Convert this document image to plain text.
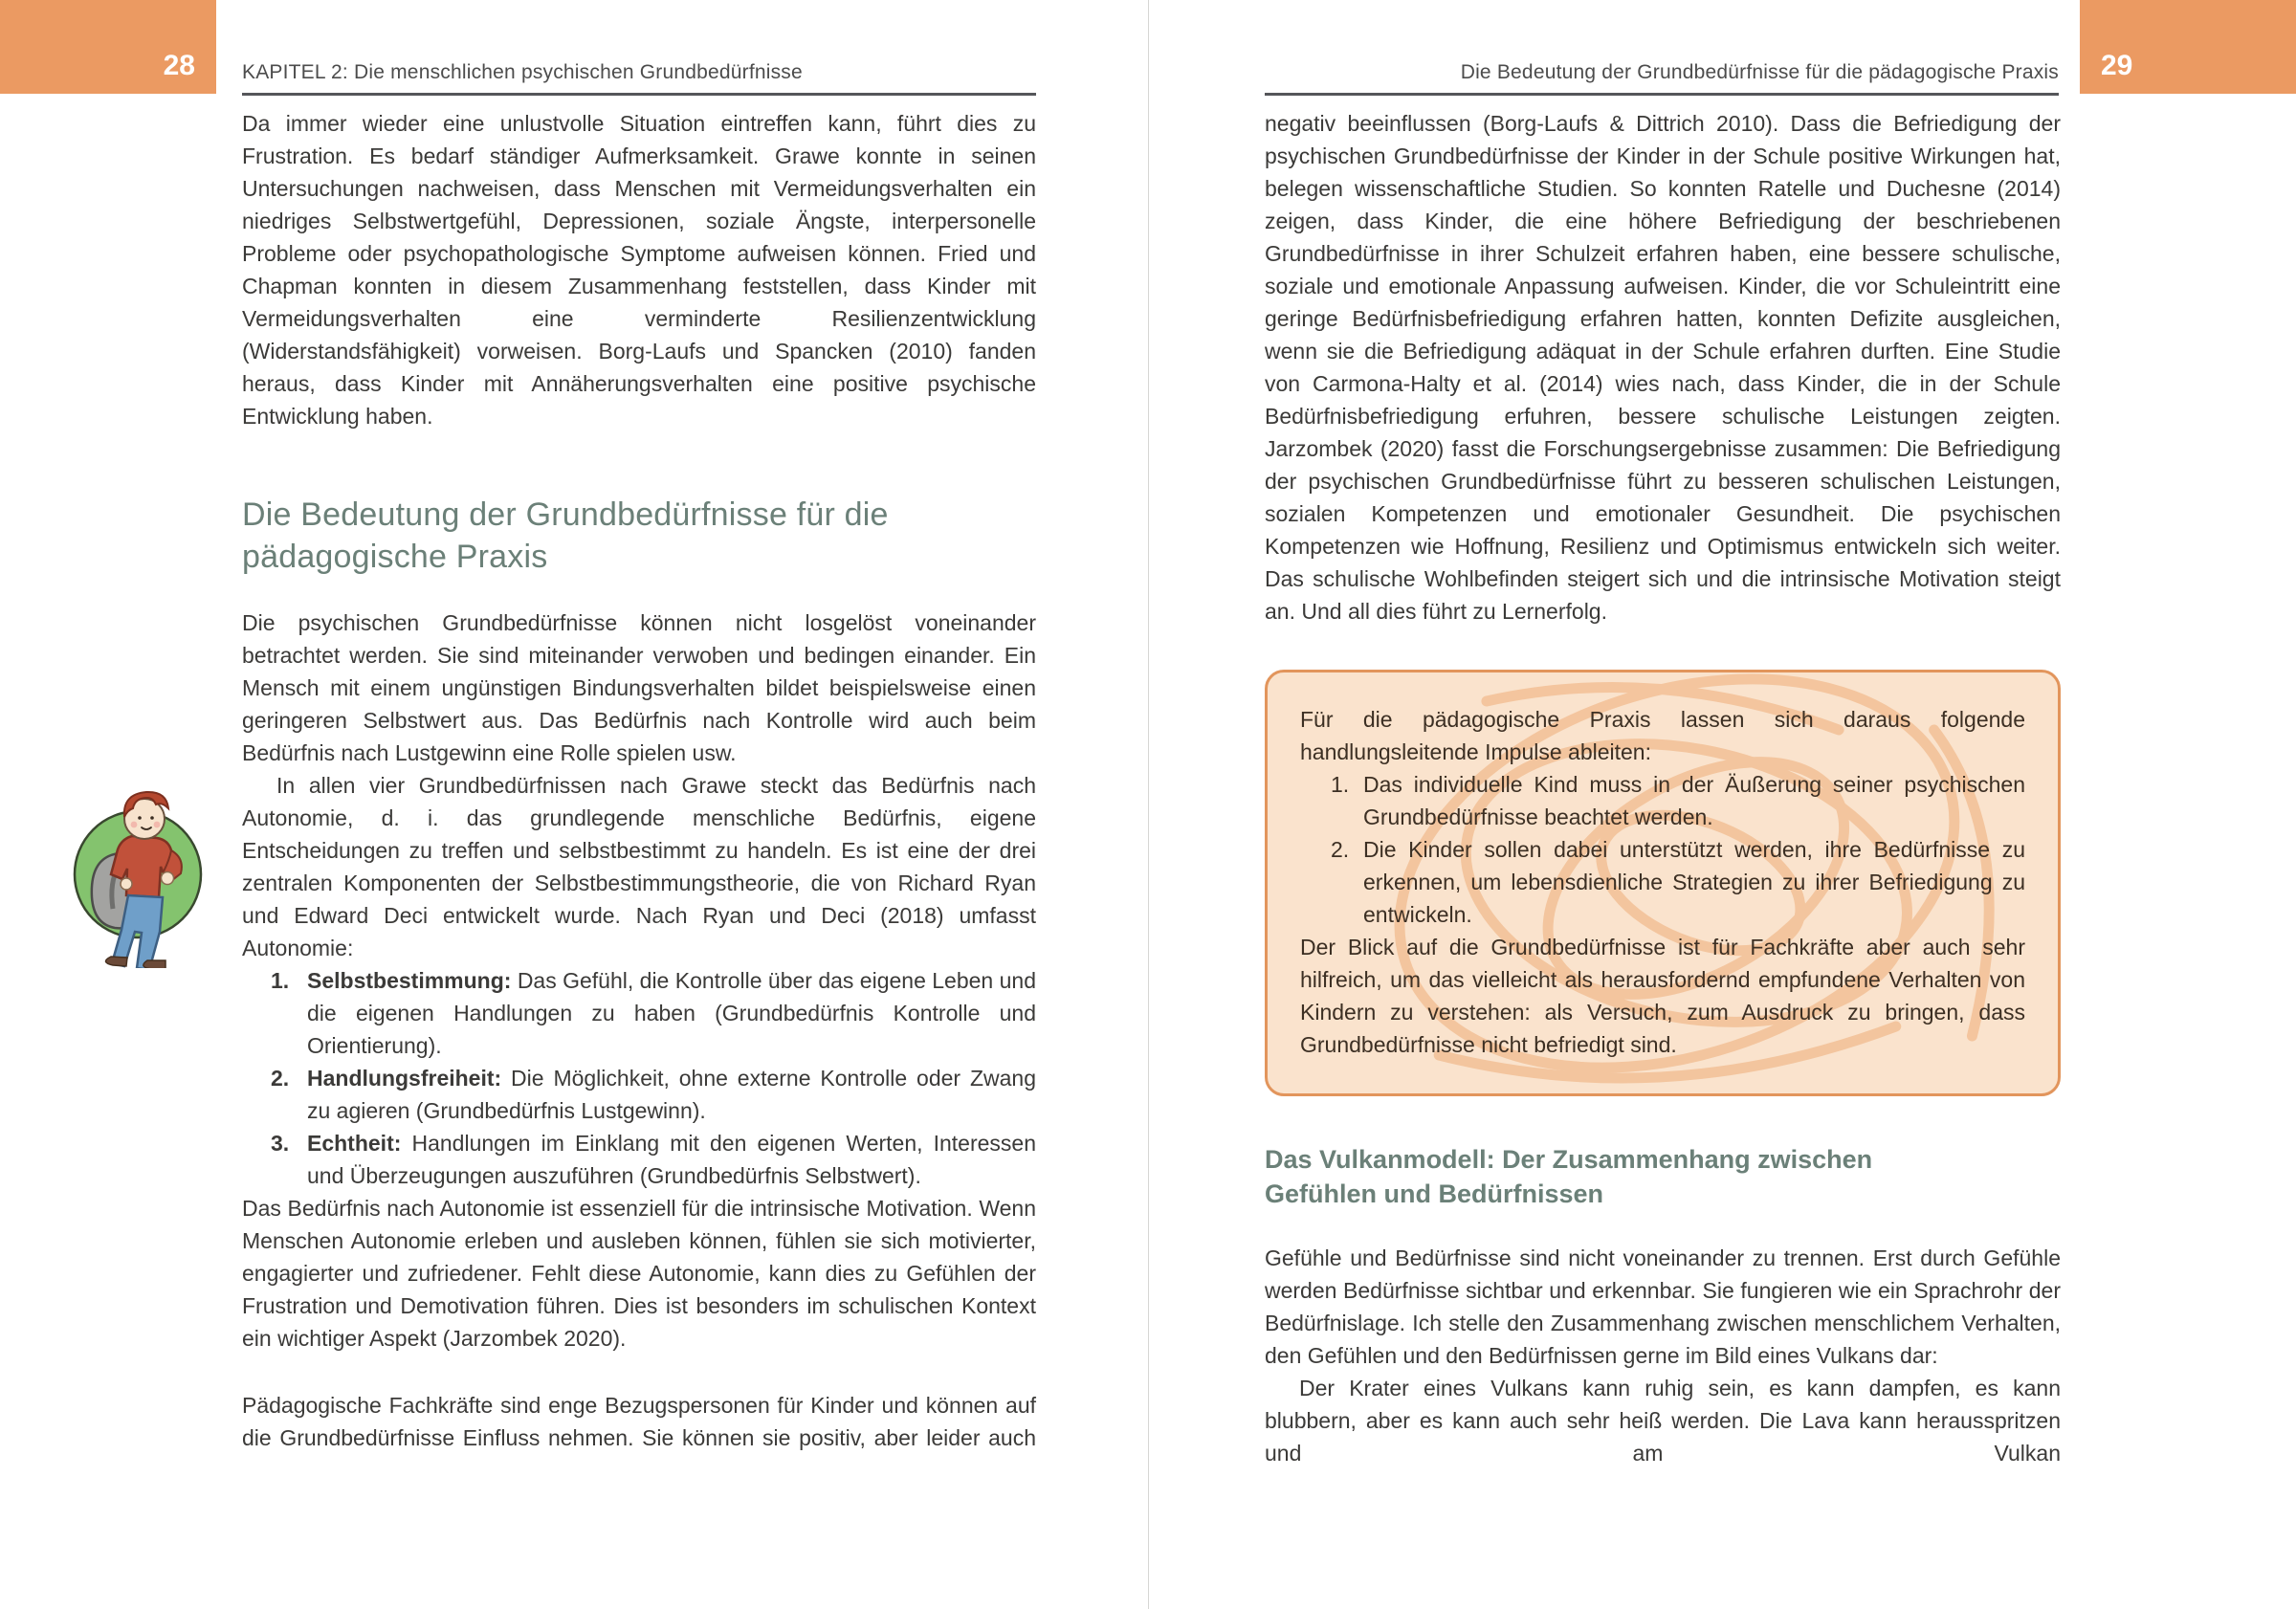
28	KAPITEL 2: Die menschlichen psychischen Grundbedürfnisse

Da immer wieder eine unlustvolle Situation eintreffen kann, führt dies zu Frustration. Es bedarf ständiger Aufmerksamkeit. Grawe konnte in seinen Untersuchungen nachweisen, dass Menschen mit Vermeidungsverhalten ein niedriges Selbstwertgefühl, Depressionen, soziale Ängste, interpersonelle Probleme oder psychopathologische Symptome aufweisen können. Fried und Chapman konnten in diesem Zusammenhang feststellen, dass Kinder mit Vermeidungsverhalten eine verminderte Resilienzentwicklung (Widerstandsfähigkeit) vorweisen. Borg-Laufs und Spancken (2010) fanden heraus, dass Kinder mit Annäherungsverhalten eine positive psychische Entwicklung haben.

Die Bedeutung der Grundbedürfnisse für die pädagogische Praxis

Die psychischen Grundbedürfnisse können nicht losgelöst voneinander betrachtet werden. Sie sind miteinander verwoben und bedingen einander. Ein Mensch mit einem ungünstigen Bindungsverhalten bildet beispielsweise einen geringeren Selbstwert aus. Das Bedürfnis nach Kontrolle wird auch beim Bedürfnis nach Lustgewinn eine Rolle spielen usw.

In allen vier Grundbedürfnissen nach Grawe steckt das Bedürfnis nach Autonomie, d. i. das grundlegende menschliche Bedürfnis, eigene Entscheidungen zu treffen und selbstbestimmt zu handeln. Es ist eine der drei zentralen Komponenten der Selbstbestimmungstheorie, die von Richard Ryan und Edward Deci entwickelt wurde. Nach Ryan und Deci (2018) umfasst Autonomie:

1. Selbstbestimmung: Das Gefühl, die Kontrolle über das eigene Leben und die eigenen Handlungen zu haben (Grundbedürfnis Kontrolle und Orientierung).
2. Handlungsfreiheit: Die Möglichkeit, ohne externe Kontrolle oder Zwang zu agieren (Grundbedürfnis Lustgewinn).
3. Echtheit: Handlungen im Einklang mit den eigenen Werten, Interessen und Überzeugungen auszuführen (Grundbedürfnis Selbstwert).

Das Bedürfnis nach Autonomie ist essenziell für die intrinsische Motivation. Wenn Menschen Autonomie erleben und ausleben können, fühlen sie sich motivierter, engagierter und zufriedener. Fehlt diese Autonomie, kann dies zu Gefühlen der Frustration und Demotivation führen. Dies ist besonders im schulischen Kontext ein wichtiger Aspekt (Jarzombek 2020).

Pädagogische Fachkräfte sind enge Bezugspersonen für Kinder und können auf die Grundbedürfnisse Einfluss nehmen. Sie können sie positiv, aber leider auch

29
Die Bedeutung der Grundbedürfnisse für die pädagogische Praxis

negativ beeinflussen (Borg-Laufs & Dittrich 2010). Dass die Befriedigung der psychischen Grundbedürfnisse der Kinder in der Schule positive Wirkungen hat, belegen wissenschaftliche Studien. So konnten Ratelle und Duchesne (2014) zeigen, dass Kinder, die eine höhere Befriedigung der beschriebenen Grundbedürfnisse in ihrer Schulzeit erfahren haben, eine bessere schulische, soziale und emotionale Anpassung aufweisen. Kinder, die vor Schuleintritt eine geringe Bedürfnisbefriedigung erfahren hatten, konnten Defizite ausgleichen, wenn sie die Befriedigung adäquat in der Schule erfahren durften. Eine Studie von Carmona-Halty et al. (2014) wies nach, dass Kinder, die in der Schule Bedürfnisbefriedigung erfuhren, bessere schulische Leistungen zeigten. Jarzombek (2020) fasst die Forschungsergebnisse zusammen: Die Befriedigung der psychischen Grundbedürfnisse führt zu besseren schulischen Leistungen, sozialen Kompetenzen und emotionaler Gesundheit. Die psychischen Kompetenzen wie Hoffnung, Resilienz und Optimismus entwickeln sich weiter. Das schulische Wohlbefinden steigert sich und die intrinsische Motivation steigt an. Und all dies führt zu Lernerfolg.

Für die pädagogische Praxis lassen sich daraus folgende handlungsleitende Impulse ableiten:

1. Das individuelle Kind muss in der Äußerung seiner psychischen Grundbedürfnisse beachtet werden.
2. Die Kinder sollen dabei unterstützt werden, ihre Bedürfnisse zu erkennen, um lebensdienliche Strategien zu ihrer Befriedigung zu entwickeln.

Der Blick auf die Grundbedürfnisse ist für Fachkräfte aber auch sehr hilfreich, um das vielleicht als herausfordernd empfundene Verhalten von Kindern zu verstehen: als Versuch, zum Ausdruck zu bringen, dass Grundbedürfnisse nicht befriedigt sind.

Das Vulkanmodell: Der Zusammenhang zwischen Gefühlen und Bedürfnissen

Gefühle und Bedürfnisse sind nicht voneinander zu trennen. Erst durch Gefühle werden Bedürfnisse sichtbar und erkennbar. Sie fungieren wie ein Sprachrohr der Bedürfnislage. Ich stelle den Zusammenhang zwischen menschlichem Verhalten, den Gefühlen und den Bedürfnissen gerne im Bild eines Vulkans dar:

Der Krater eines Vulkans kann ruhig sein, es kann dampfen, es kann blubbern, aber es kann auch sehr heiß werden. Die Lava kann herausspritzen und am Vulkan
